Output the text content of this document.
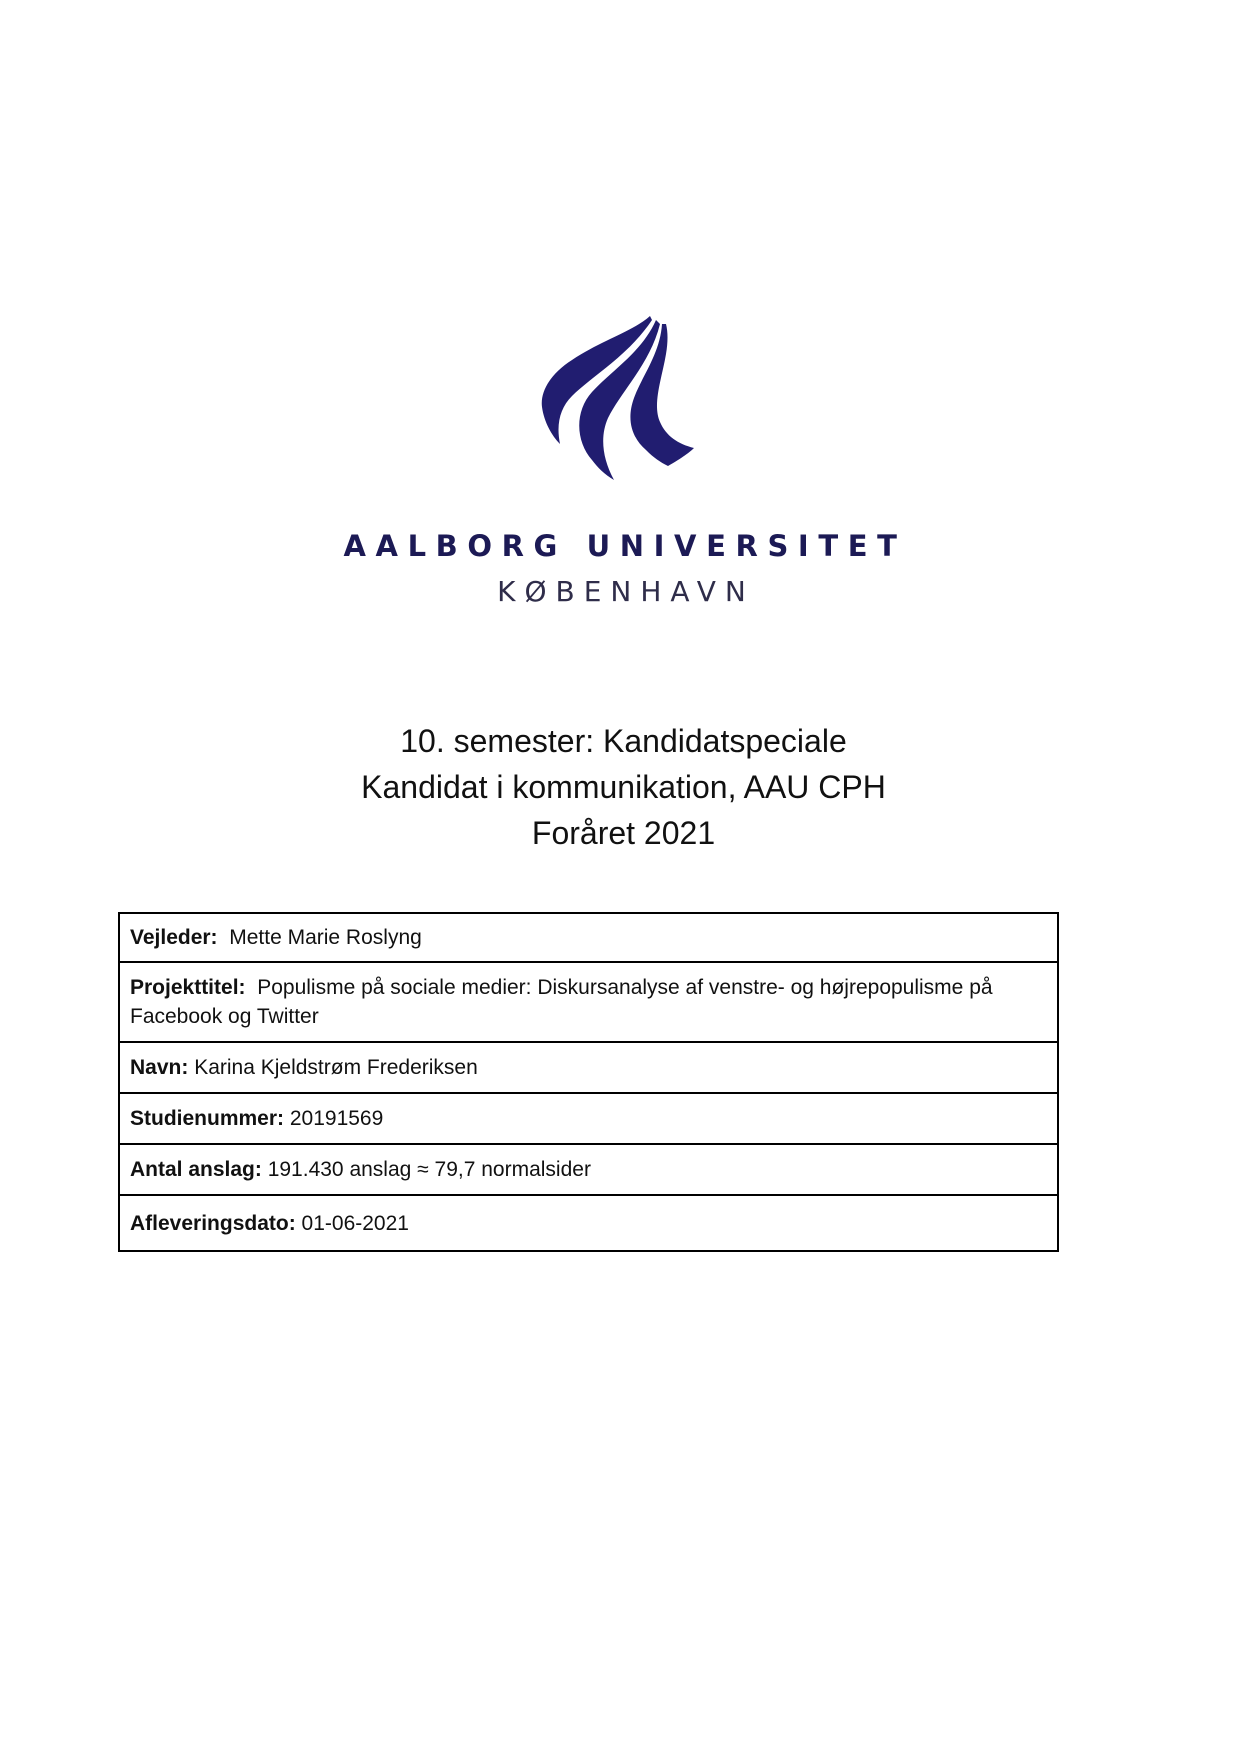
AALBORG UNIVERSITET
KØBENHAVN
10. semester: Kandidatspeciale
Kandidat i kommunikation, AAU CPH
Foråret 2021
Vejleder: Mette Marie Roslyng
Projekttitel: Populisme på sociale medier: Diskursanalyse af venstre- og højrepopulisme på Facebook og Twitter
Navn: Karina Kjeldstrøm Frederiksen
Studienummer: 20191569
Antal anslag: 191.430 anslag ≈ 79,7 normalsider
Afleveringsdato: 01-06-2021
